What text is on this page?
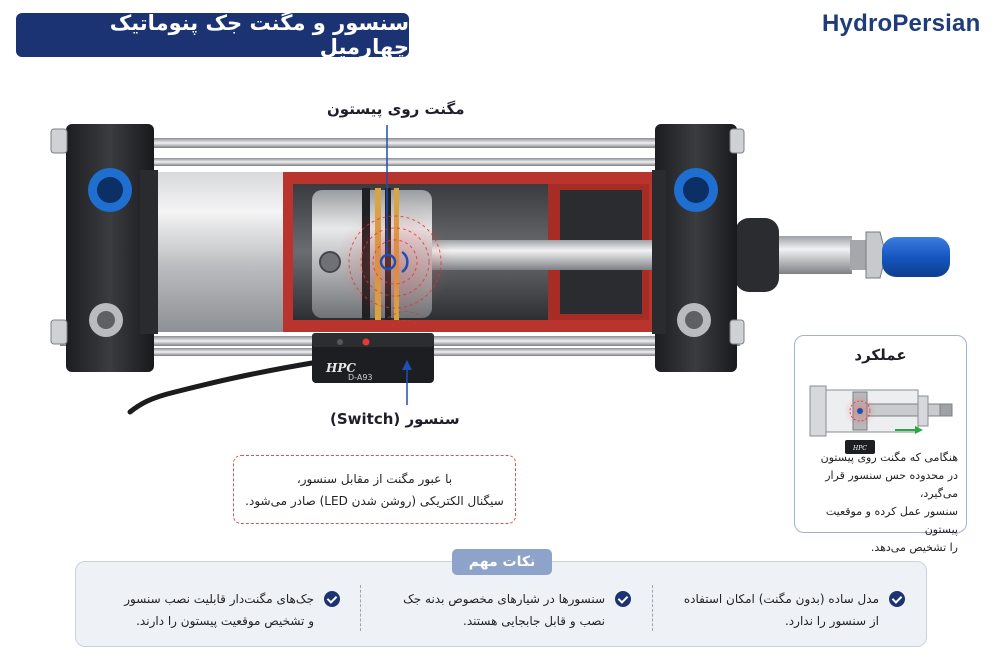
سنسور و مگنت جک پنوماتیک چهارمیل
HydroPersian
HPC
D-A93
مگنت روی پیستون
سنسور (Switch)
با عبور مگنت از مقابل سنسور،
سیگنال الکتریکی (روشن شدن LED) صادر می‌شود.
عملکرد
HPC
هنگامی که مگنت روی پیستون
در محدوده حس سنسور قرار می‌گیرد،
سنسور عمل کرده و موقعیت پیستون
را تشخیص می‌دهد.
نکات مهم
مدل ساده (بدون مگنت) امکان استفاده
از سنسور را ندارد.
سنسورها در شیارهای مخصوص بدنه جک
نصب و قابل جابجایی هستند.
جک‌های مگنت‌دار قابلیت نصب سنسور
و تشخیص موقعیت پیستون را دارند.
